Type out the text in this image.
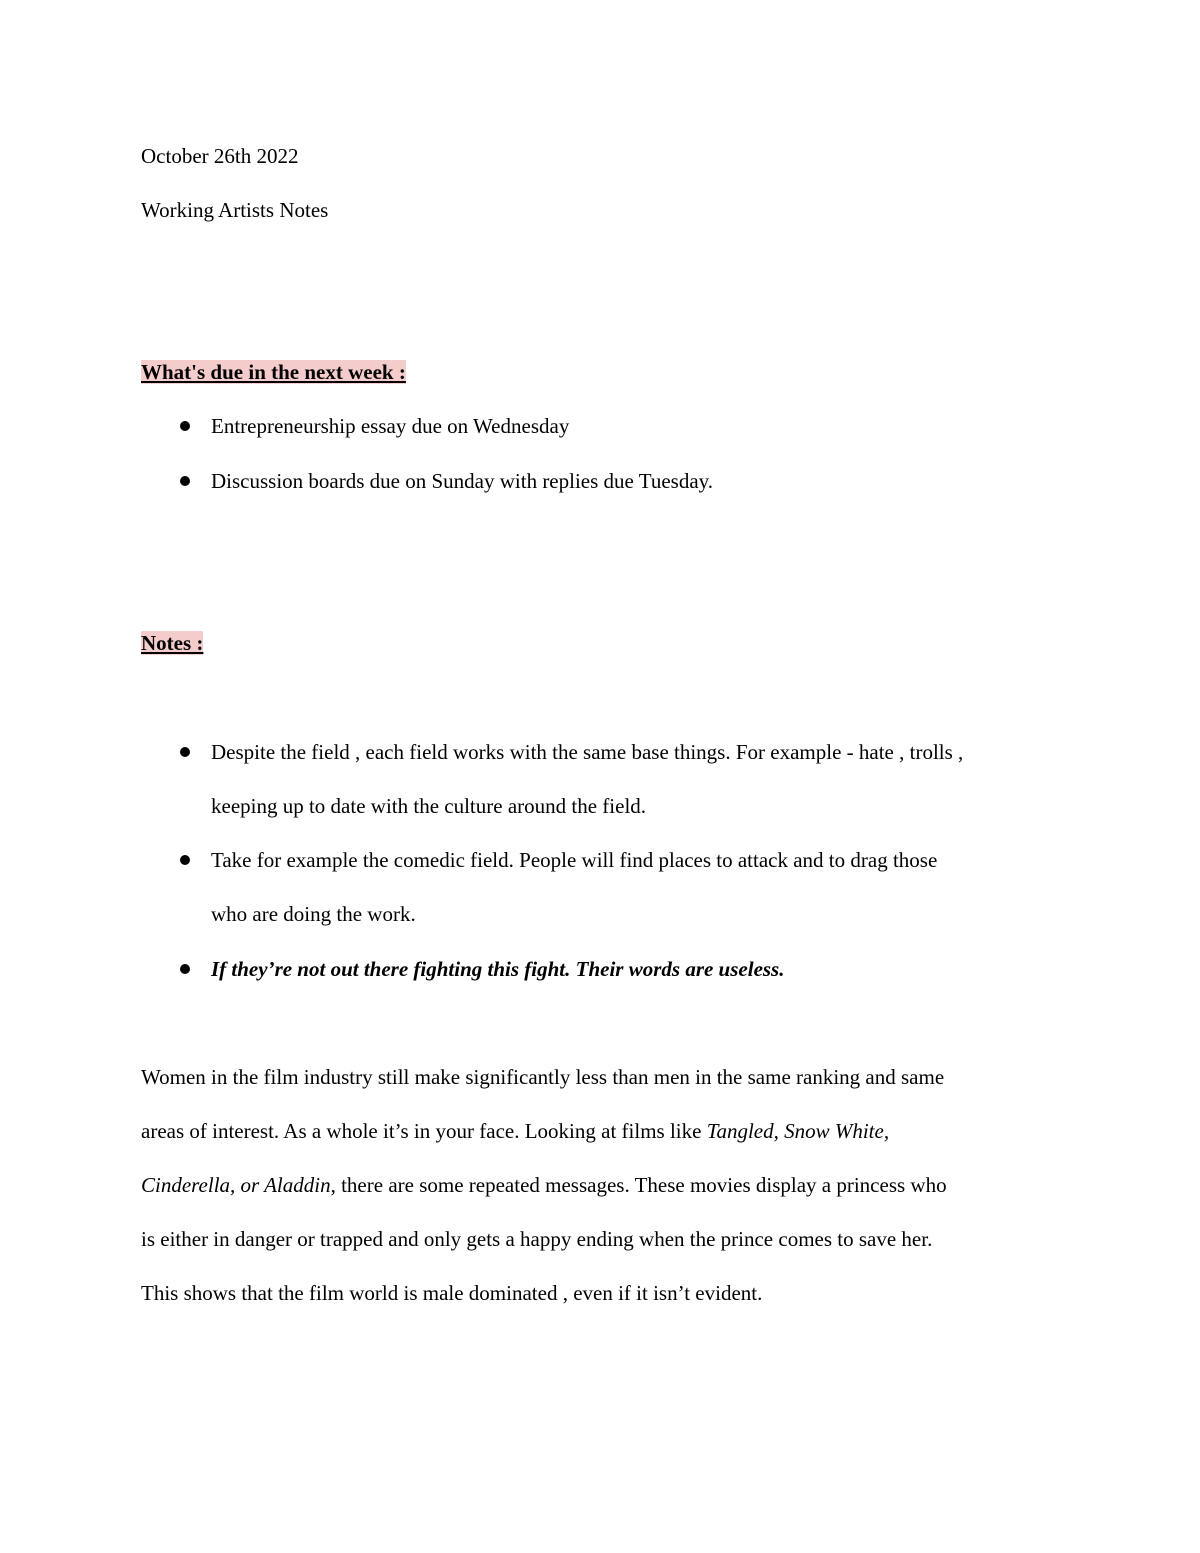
October 26th 2022
Working Artists Notes
What's due in the next week :
Entrepreneurship essay due on Wednesday
Discussion boards due on Sunday with replies due Tuesday.
Notes :
Despite the field , each field works with the same base things. For example - hate , trolls ,
keeping up to date with the culture around the field.
Take for example the comedic field. People will find places to attack and to drag those
who are doing the work.
If they’re not out there fighting this fight. Their words are useless.
Women in the film industry still make significantly less than men in the same ranking and same
areas of interest. As a whole it’s in your face. Looking at films like Tangled, Snow White,
Cinderella, or Aladdin, there are some repeated messages. These movies display a princess who
is either in danger or trapped and only gets a happy ending when the prince comes to save her.
This shows that the film world is male dominated , even if it isn’t evident.
